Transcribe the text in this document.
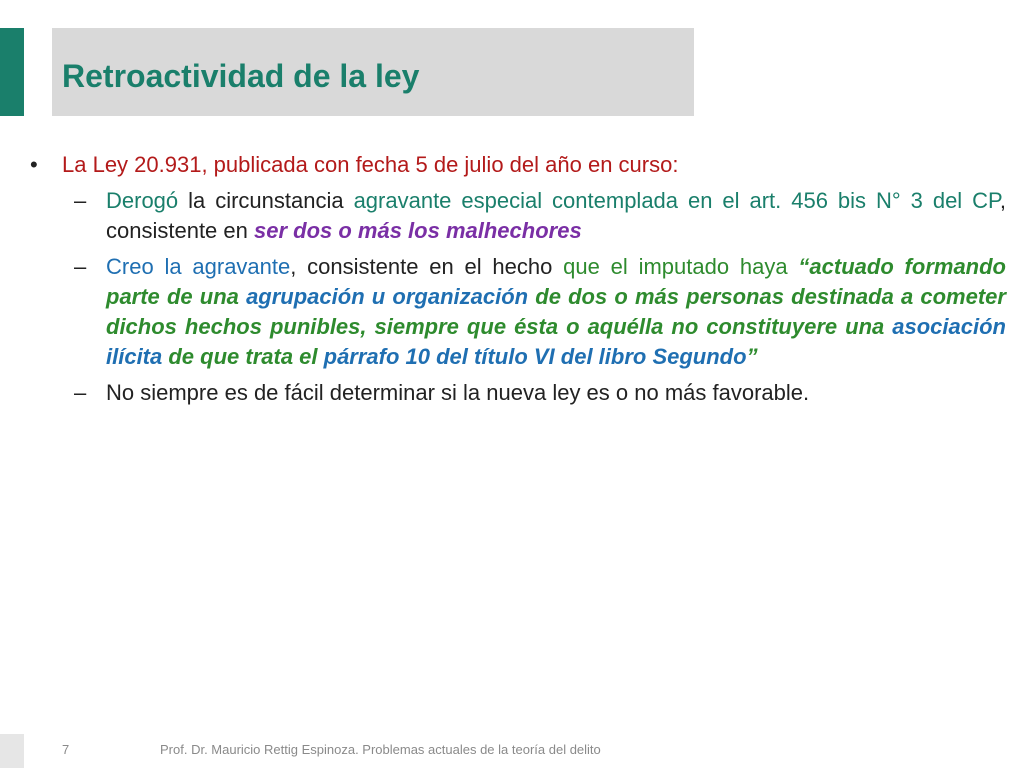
Retroactividad de la ley
• La Ley 20.931, publicada con fecha 5 de julio del año en curso:
– Derogó la circunstancia agravante especial contemplada en el art. 456 bis N° 3 del CP, consistente en ser dos o más los malhechores
– Creo la agravante, consistente en el hecho que el imputado haya “actuado formando parte de una agrupación u organización de dos o más personas destinada a cometer dichos hechos punibles, siempre que ésta o aquélla no constituyere una asociación ilícita de que trata el párrafo 10 del título VI del libro Segundo”
– No siempre es de fácil determinar si la nueva ley es o no más favorable.
7	Prof. Dr. Mauricio Rettig Espinoza. Problemas actuales de la teoría del delito
